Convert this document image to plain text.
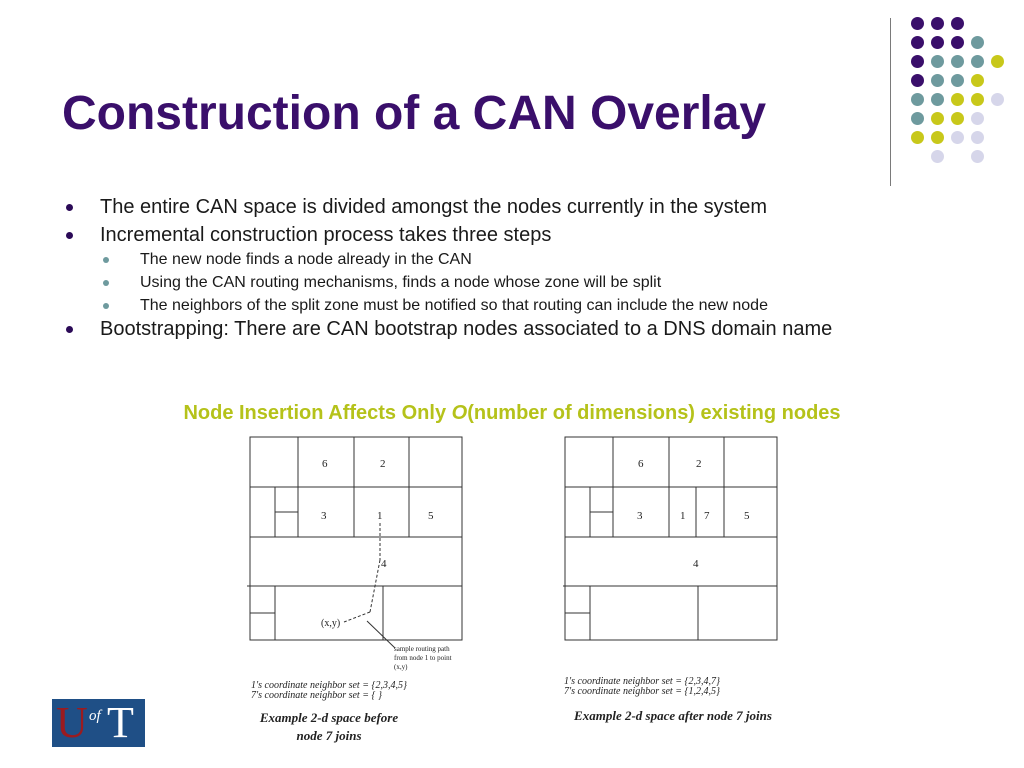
Construction of a CAN Overlay
The entire CAN space is divided amongst the nodes currently in the system
Incremental construction process takes three steps
The new node finds a node already in the CAN
Using the CAN routing mechanisms, finds a node whose zone will be split
The neighbors of the split zone must be notified so that routing can include the new node
Bootstrapping: There are CAN bootstrap nodes associated to a DNS domain name
Node Insertion Affects Only O(number of dimensions) existing nodes
6	2
3	1	5
4
(x,y)
sample routing path from node 1 to point (x,y)
1's coordinate neighbor set = {2,3,4,5}
7's coordinate neighbor set = { }
Example 2-d space before node 7 joins
6	2
3	1 7	5
4
1's coordinate neighbor set = {2,3,4,7}
7's coordinate neighbor set = {1,2,4,5}
Example 2-d space after node 7 joins
U of T
